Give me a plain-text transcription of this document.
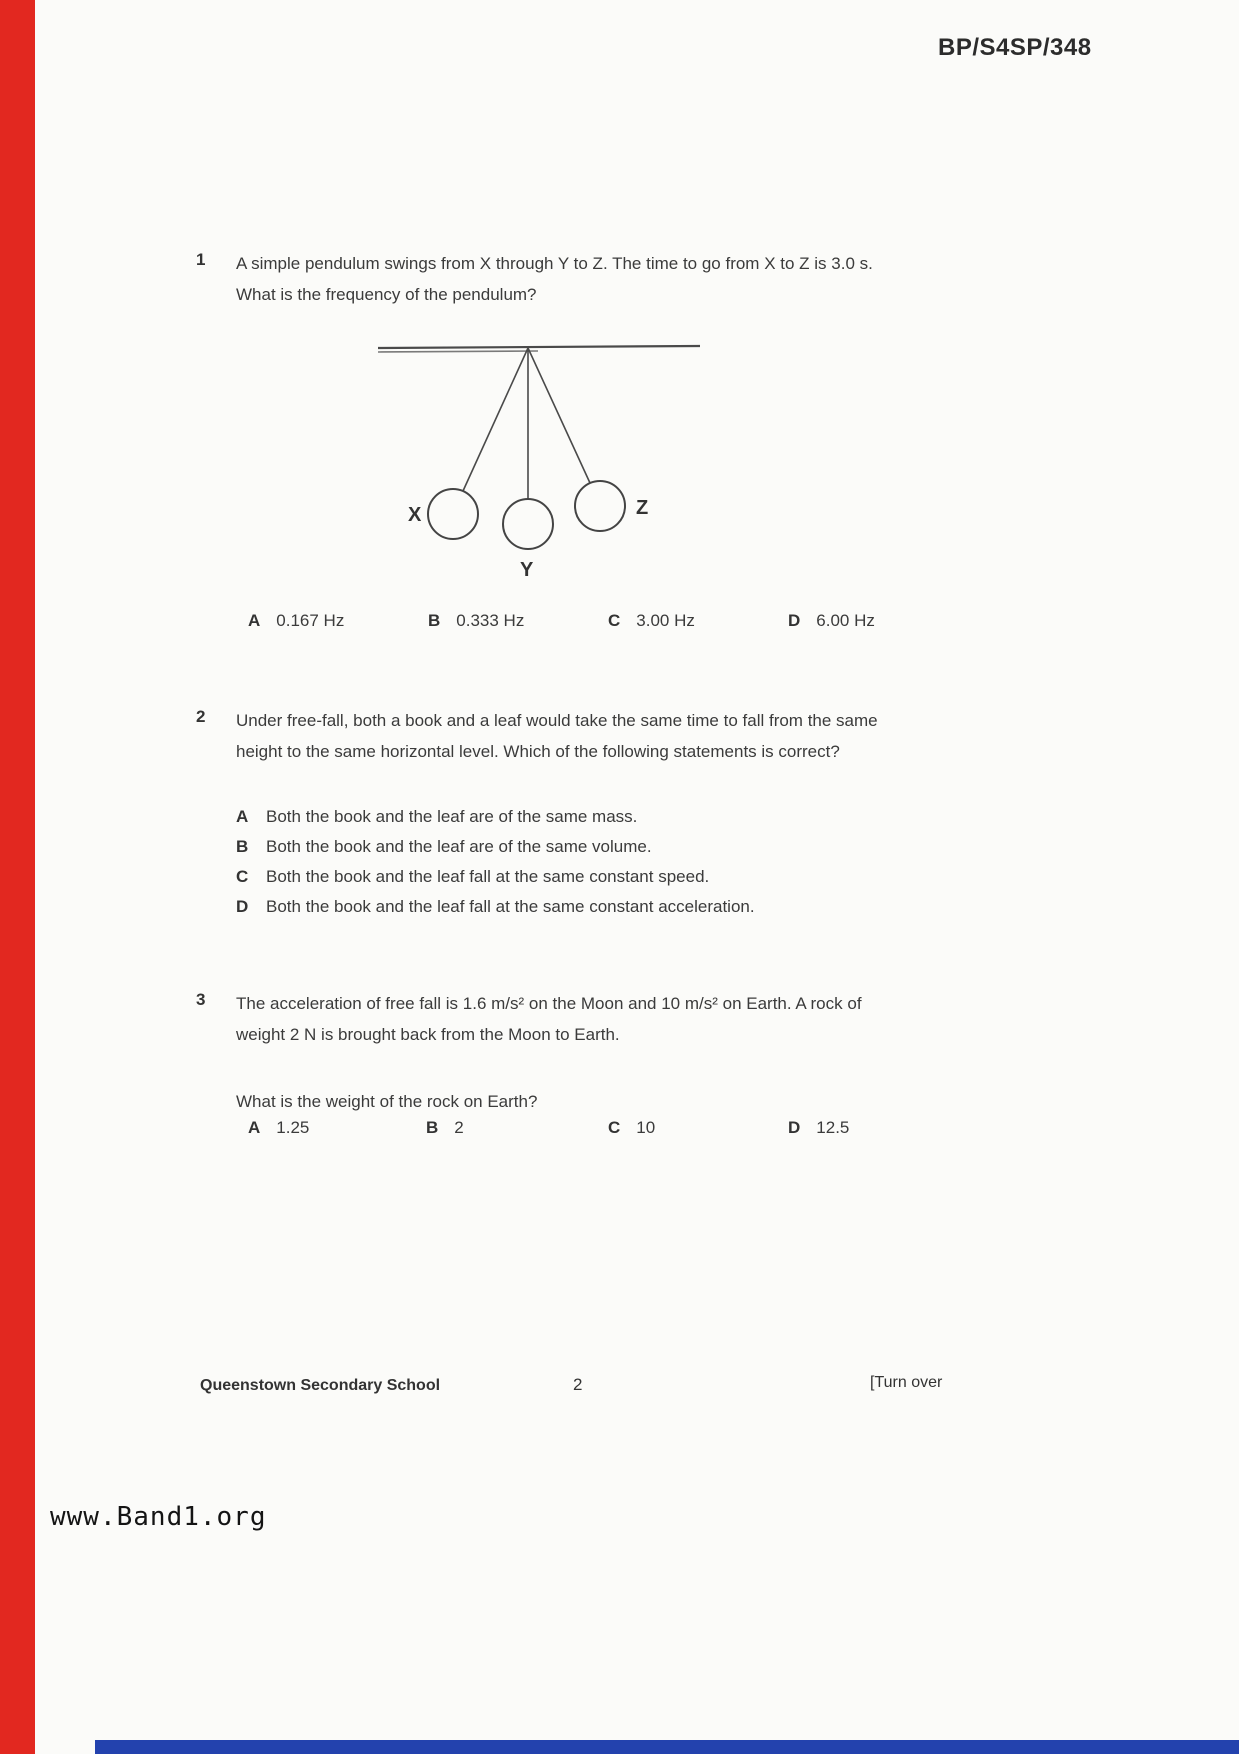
BP/S4SP/348
1 A simple pendulum swings from X through Y to Z. The time to go from X to Z is 3.0 s.
What is the frequency of the pendulum?
X
Y
Z
A 0.167 Hz	B 0.333 Hz	C 3.00 Hz	D 6.00 Hz
2 Under free-fall, both a book and a leaf would take the same time to fall from the same
height to the same horizontal level. Which of the following statements is correct?
A	Both the book and the leaf are of the same mass.
B	Both the book and the leaf are of the same volume.
C	Both the book and the leaf fall at the same constant speed.
D	Both the book and the leaf fall at the same constant acceleration.
3 The acceleration of free fall is 1.6 m/s² on the Moon and 10 m/s² on Earth. A rock of
weight 2 N is brought back from the Moon to Earth.
What is the weight of the rock on Earth?
A 1.25	B 2	C 10	D 12.5
Queenstown Secondary School	2	[Turn over
www.Band1.org
